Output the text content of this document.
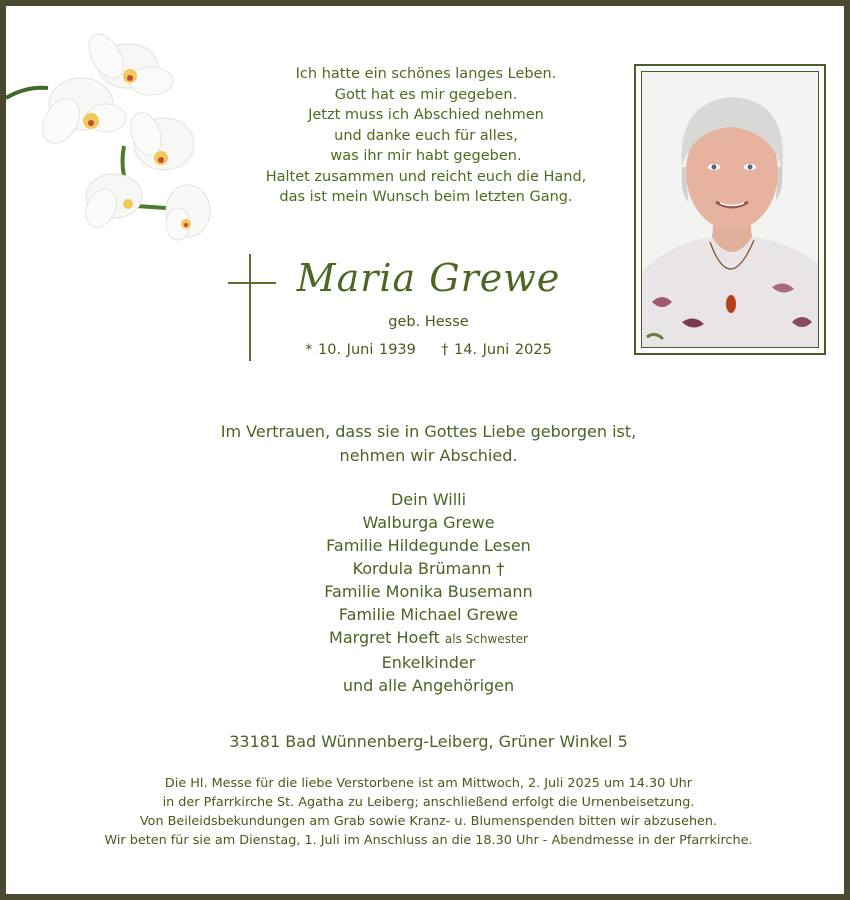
Ich hatte ein schönes langes Leben.
Gott hat es mir gegeben.
Jetzt muss ich Abschied nehmen
und danke euch für alles,
was ihr mir habt gegeben.
Haltet zusammen und reicht euch die Hand,
das ist mein Wunsch beim letzten Gang.
Maria Grewe
geb. Hesse
* 10. Juni 1939 † 14. Juni 2025
Im Vertrauen, dass sie in Gottes Liebe geborgen ist,
nehmen wir Abschied.
Dein Willi
Walburga Grewe
Familie Hildegunde Lesen
Kordula Brümann †
Familie Monika Busemann
Familie Michael Grewe
Margret Hoeft als Schwester
Enkelkinder
und alle Angehörigen
33181 Bad Wünnenberg-Leiberg, Grüner Winkel 5
Die Hl. Messe für die liebe Verstorbene ist am Mittwoch, 2. Juli 2025 um 14.30 Uhr
in der Pfarrkirche St. Agatha zu Leiberg; anschließend erfolgt die Urnenbeisetzung.
Von Beileidsbekundungen am Grab sowie Kranz- u. Blumenspenden bitten wir abzusehen.
Wir beten für sie am Dienstag, 1. Juli im Anschluss an die 18.30 Uhr - Abendmesse in der Pfarrkirche.
